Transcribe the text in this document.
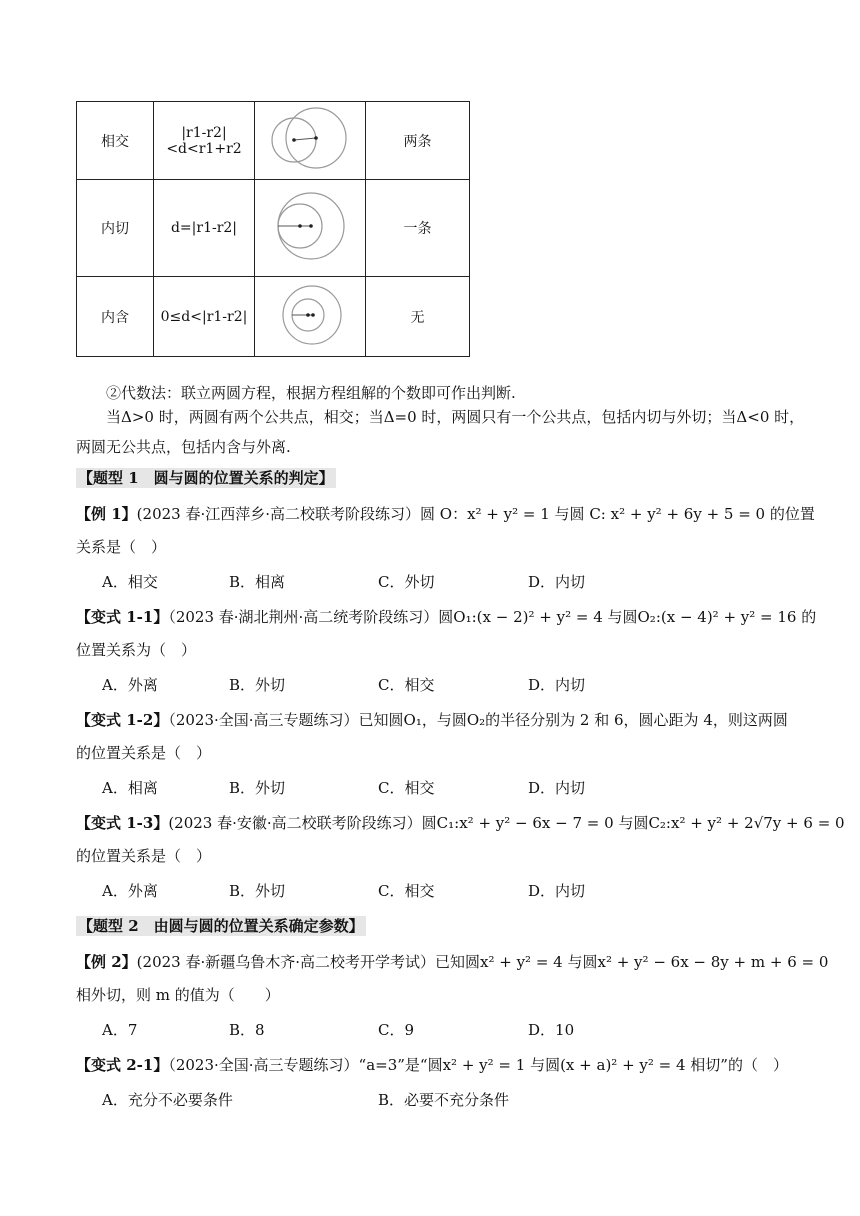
相交	|r1-r2|<d<r1+r2		两条
内切	d=|r1-r2|		一条
内含	0≤d<|r1-r2|		无
②代数法：联立两圆方程，根据方程组解的个数即可作出判断.
当Δ>0 时，两圆有两个公共点，相交；当Δ=0 时，两圆只有一个公共点，包括内切与外切；当Δ<0 时，
两圆无公共点，包括内含与外离.
【题型 1　圆与圆的位置关系的判定】
【例 1】(2023 春·江西萍乡·高二校联考阶段练习）圆 O：x² + y² = 1 与圆 C: x² + y² + 6y + 5 = 0 的位置
关系是（　）
A．相交	B．相离	C．外切	D．内切
【变式 1-1】（2023 春·湖北荆州·高二统考阶段练习）圆O₁:(x − 2)² + y² = 4 与圆O₂:(x − 4)² + y² = 16 的
位置关系为（　）
A．外离	B．外切	C．相交	D．内切
【变式 1-2】（2023·全国·高三专题练习）已知圆O₁，与圆O₂的半径分别为 2 和 6，圆心距为 4，则这两圆
的位置关系是（　）
A．相离	B．外切	C．相交	D．内切
【变式 1-3】(2023 春·安徽·高二校联考阶段练习）圆C₁:x² + y² − 6x − 7 = 0 与圆C₂:x² + y² + 2√7y + 6 = 0
的位置关系是（　）
A．外离	B．外切	C．相交	D．内切
【题型 2　由圆与圆的位置关系确定参数】
【例 2】(2023 春·新疆乌鲁木齐·高二校考开学考试）已知圆x² + y² = 4 与圆x² + y² − 6x − 8y + m + 6 = 0
相外切，则 m 的值为（　　）
A．7	B．8	C．9	D．10
【变式 2-1】（2023·全国·高三专题练习）“a=3”是“圆x² + y² = 1 与圆(x + a)² + y² = 4 相切”的（　）
A．充分不必要条件	B．必要不充分条件
